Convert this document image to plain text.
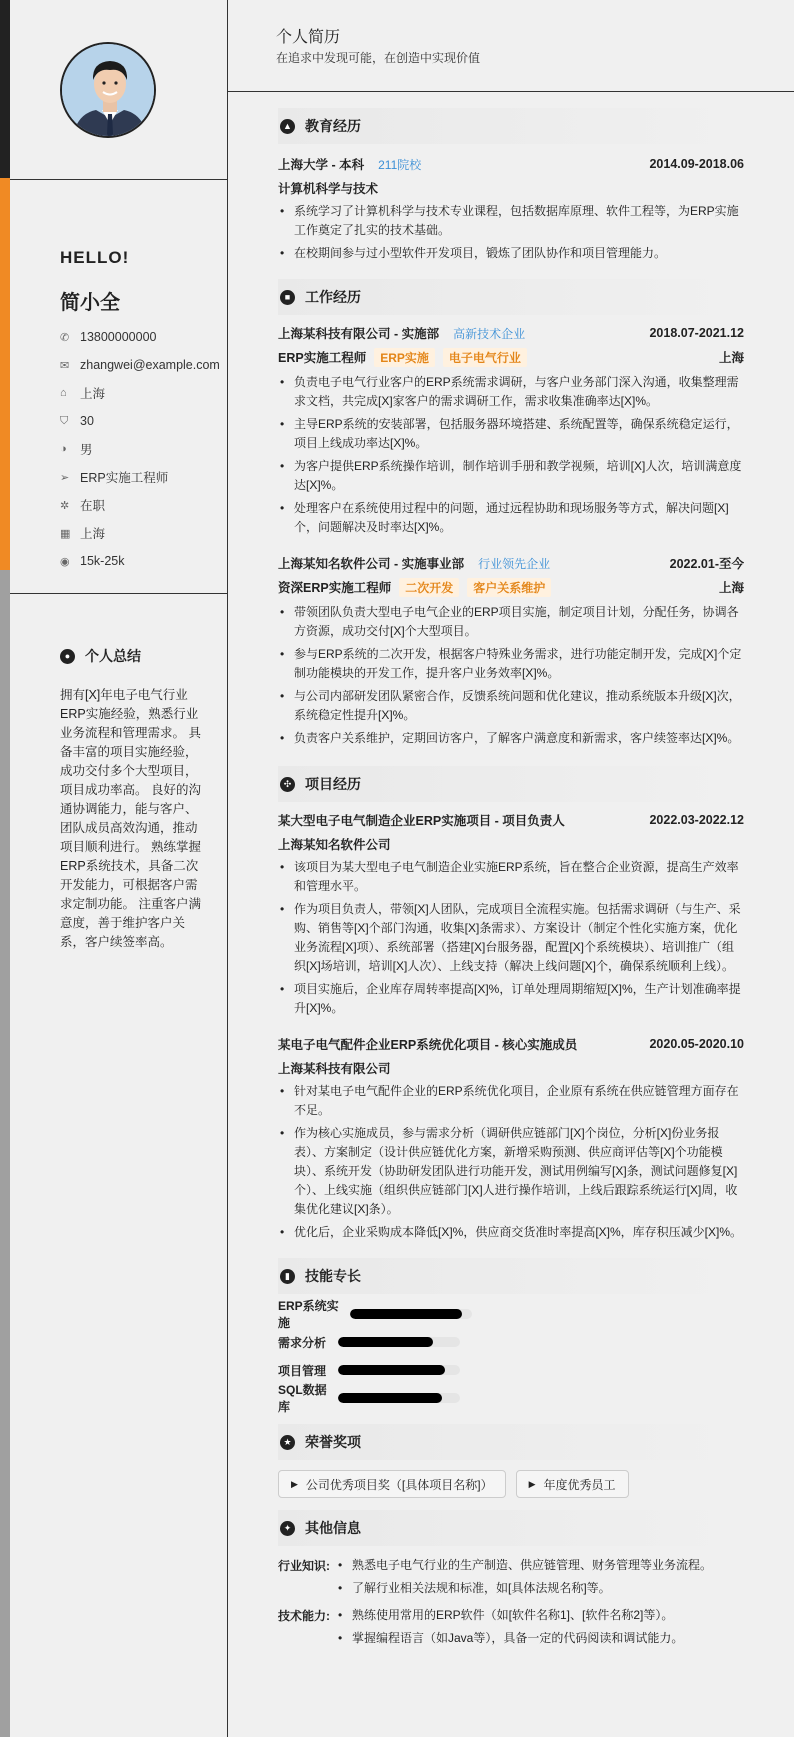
HELLO!
简小全
✆ 13800000000
✉ zhangwei@example.com
⌂	上海
⛉ 30
◑	男
➢ ERP实施工程师
✲ 在职
▦ 上海
◉ 15k-25k
●	个人总结
拥有[X]年电子电气行业ERP实施经验，熟悉行业业务流程和管理需求。 具备丰富的项目实施经验，成功交付多个大型项目，项目成功率高。 良好的沟通协调能力，能与客户、团队成员高效沟通，推动项目顺利进行。 熟练掌握ERP系统技术，具备二次开发能力，可根据客户需求定制功能。 注重客户满意度，善于维护客户关系，客户续签率高。
个人简历
在追求中发现可能，在创造中实现价值
▲ 教育经历
上海大学 - 本科 211院校	2014.09-2018.06
计算机科学与技术
• 系统学习了计算机科学与技术专业课程，包括数据库原理、软件工程等，为ERP实施工作奠定了扎实的技术基础。
• 在校期间参与过小型软件开发项目，锻炼了团队协作和项目管理能力。
■	工作经历
上海某科技有限公司 - 实施部 高新技术企业	2018.07-2021.12
ERP实施工程师	ERP实施	电子电气行业	上海
• 负责电子电气行业客户的ERP系统需求调研，与客户业务部门深入沟通，收集整理需求文档，共完成[X]家客户的需求调研工作，需求收集准确率达[X]%。
• 主导ERP系统的安装部署，包括服务器环境搭建、系统配置等，确保系统稳定运行，项目上线成功率达[X]%。
• 为客户提供ERP系统操作培训，制作培训手册和教学视频，培训[X]人次，培训满意度达[X]%。
• 处理客户在系统使用过程中的问题，通过远程协助和现场服务等方式，解决问题[X]个，问题解决及时率达[X]%。
上海某知名软件公司 - 实施事业部 行业领先企业	2022.01-至今
资深ERP实施工程师	二次开发	客户关系维护	上海
• 带领团队负责大型电子电气企业的ERP项目实施，制定项目计划，分配任务，协调各方资源，成功交付[X]个大型项目。
• 参与ERP系统的二次开发，根据客户特殊业务需求，进行功能定制开发，完成[X]个定制功能模块的开发工作，提升客户业务效率[X]%。
• 与公司内部研发团队紧密合作，反馈系统问题和优化建议，推动系统版本升级[X]次，系统稳定性提升[X]%。
• 负责客户关系维护，定期回访客户，了解客户满意度和新需求，客户续签率达[X]%。
✣ 项目经历
某大型电子电气制造企业ERP实施项目 - 项目负责人	2022.03-2022.12
上海某知名软件公司
• 该项目为某大型电子电气制造企业实施ERP系统，旨在整合企业资源，提高生产效率和管理水平。
• 作为项目负责人，带领[X]人团队，完成项目全流程实施。包括需求调研（与生产、采购、销售等[X]个部门沟通，收集[X]条需求）、方案设计（制定个性化实施方案，优化业务流程[X]项）、系统部署（搭建[X]台服务器，配置[X]个系统模块）、培训推广（组织[X]场培训，培训[X]人次）、上线支持（解决上线问题[X]个，确保系统顺利上线）。
• 项目实施后，企业库存周转率提高[X]%，订单处理周期缩短[X]%，生产计划准确率提升[X]%。
某电子电气配件企业ERP系统优化项目 - 核心实施成员	2020.05-2020.10
上海某科技有限公司
• 针对某电子电气配件企业的ERP系统优化项目，企业原有系统在供应链管理方面存在不足。
• 作为核心实施成员，参与需求分析（调研供应链部门[X]个岗位，分析[X]份业务报表）、方案制定（设计供应链优化方案，新增采购预测、供应商评估等[X]个功能模块）、系统开发（协助研发团队进行功能开发，测试用例编写[X]条，测试问题修复[X]个）、上线实施（组织供应链部门[X]人进行操作培训，上线后跟踪系统运行[X]周，收集优化建议[X]条）。
• 优化后，企业采购成本降低[X]%，供应商交货准时率提高[X]%，库存积压减少[X]%。
▮	技能专长
ERP系统实施
需求分析
项目管理
SQL数据库
★ 荣誉奖项
▶ 公司优秀项目奖（[具体项目名称]）	▶ 年度优秀员工
✦ 其他信息
行业知识:	• 熟悉电子电气行业的生产制造、供应链管理、财务管理等业务流程。
• 了解行业相关法规和标准，如[具体法规名称]等。
技术能力:	• 熟练使用常用的ERP软件（如[软件名称1]、[软件名称2]等）。
• 掌握编程语言（如Java等），具备一定的代码阅读和调试能力。
